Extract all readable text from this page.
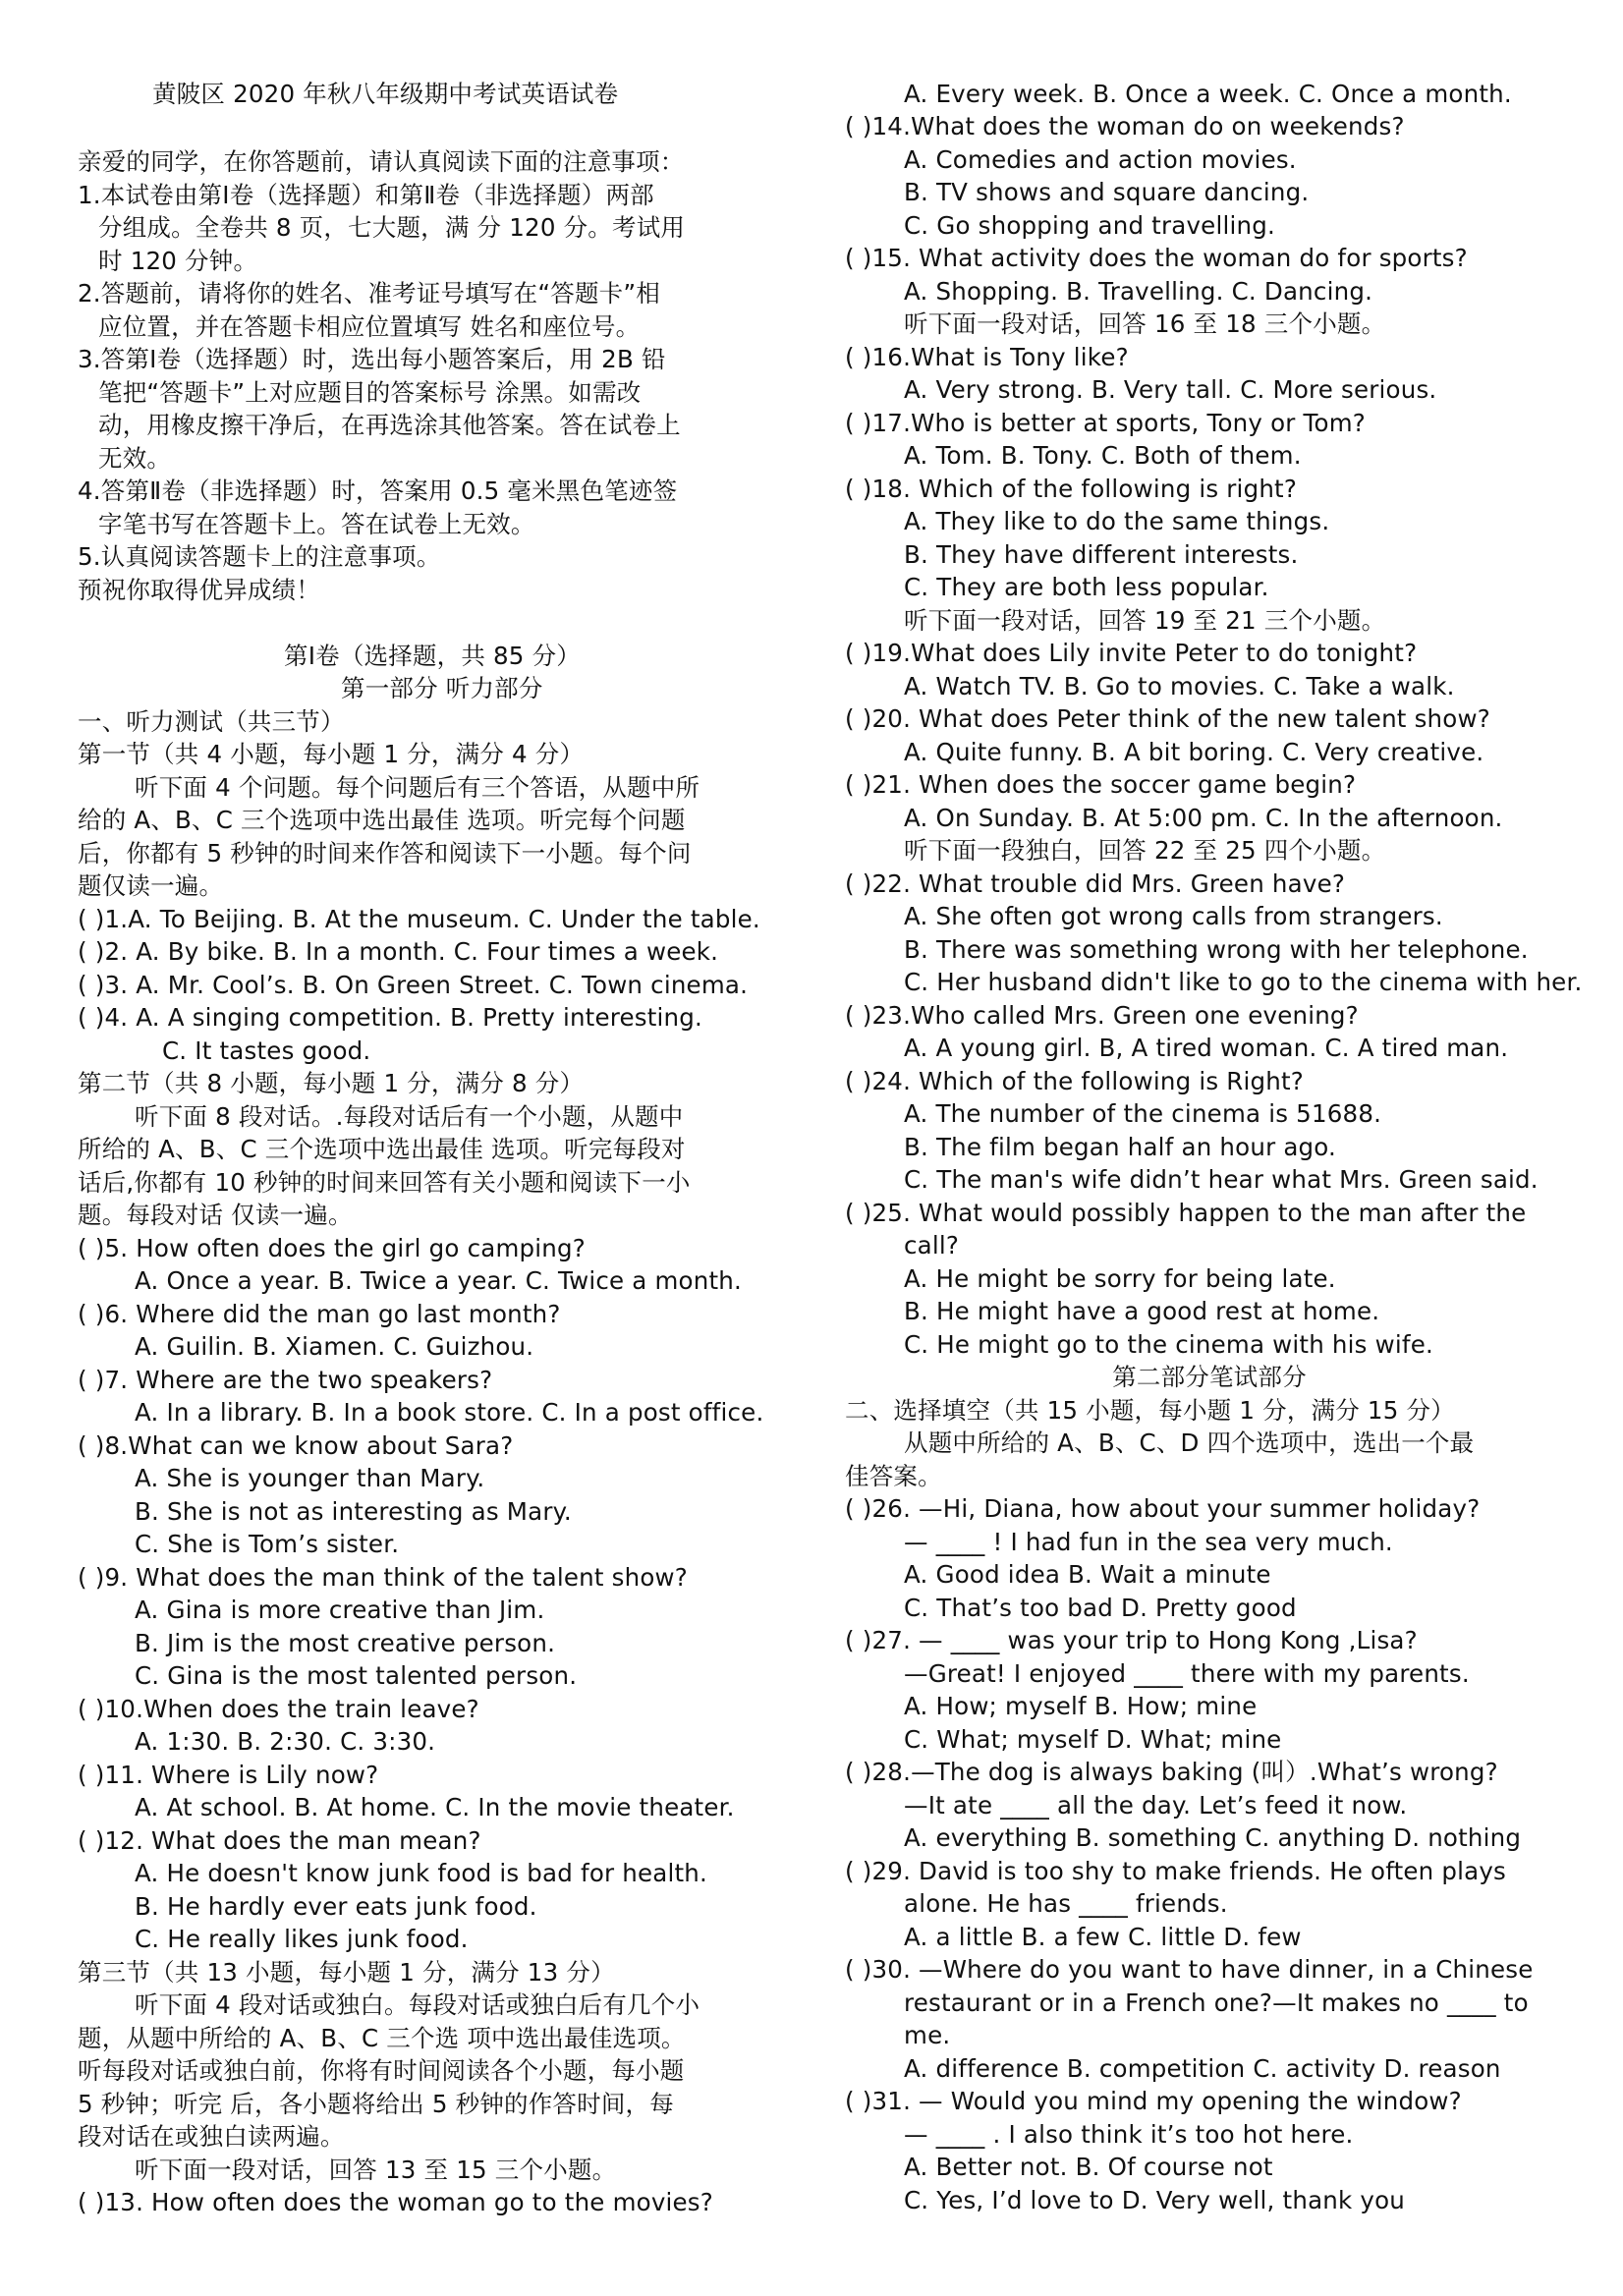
黄陂区 2020 年秋八年级期中考试英语试卷

亲爱的同学，在你答题前，请认真阅读下面的注意事项：

1.本试卷由第Ⅰ卷（选择题）和第Ⅱ卷（非选择题）两部

分组成。全卷共 8 页，七大题，满 分 120 分。考试用

时 120 分钟。

2.答题前，请将你的姓名、准考证号填写在“答题卡”相

应位置，并在答题卡相应位置填写 姓名和座位号。

3.答第Ⅰ卷（选择题）时，选出每小题答案后，用 2B 铅

笔把“答题卡”上对应题目的答案标号 涂黑。如需改

动，用橡皮擦干净后，在再选涂其他答案。答在试卷上

无效。

4.答第Ⅱ卷（非选择题）时，答案用 0.5 毫米黑色笔迹签

字笔书写在答题卡上。答在试卷上无效。

5.认真阅读答题卡上的注意事项。

预祝你取得优异成绩！

第Ⅰ卷（选择题，共 85 分）

第一部分 听力部分

一、听力测试（共三节）

第一节（共 4 小题，每小题 1 分，满分 4 分）

听下面 4 个问题。每个问题后有三个答语，从题中所

给的 A、B、C 三个选项中选出最佳 选项。听完每个问题

后，你都有 5 秒钟的时间来作答和阅读下一小题。每个问

题仅读一遍。

( )1.A. To Beijing. B. At the museum. C. Under the table.

( )2. A. By bike. B. In a month. C. Four times a week.

( )3. A. Mr. Cool’s. B. On Green Street. C. Town cinema.

( )4. A. A singing competition. B. Pretty interesting.

C. It tastes good.

第二节（共 8 小题，每小题 1 分，满分 8 分）

听下面 8 段对话。.每段对话后有一个小题，从题中

所给的 A、B、C 三个选项中选出最佳 选项。听完每段对

话后,你都有 10 秒钟的时间来回答有关小题和阅读下一小

题。每段对话 仅读一遍。

( )5. How often does the girl go camping?

A. Once a year. B. Twice a year. C. Twice a month.

( )6. Where did the man go last month?

A. Guilin. B. Xiamen. C. Guizhou.

( )7. Where are the two speakers?

A. In a library. B. In a book store. C. In a post office.

( )8.What can we know about Sara?

A. She is younger than Mary.

B. She is not as interesting as Mary.

C. She is Tom’s sister.

( )9. What does the man think of the talent show?

A. Gina is more creative than Jim.

B. Jim is the most creative person.

C. Gina is the most talented person.

( )10.When does the train leave?

A. 1:30. B. 2:30. C. 3:30.

( )11. Where is Lily now?

A. At school. B. At home. C. In the movie theater.

( )12. What does the man mean?

A. He doesn't know junk food is bad for health.

B. He hardly ever eats junk food.

C. He really likes junk food.

第三节（共 13 小题，每小题 1 分，满分 13 分）

听下面 4 段对话或独白。每段对话或独白后有几个小

题，从题中所给的 A、B、C 三个选 项中选出最佳选项。

听每段对话或独白前，你将有时间阅读各个小题，每小题

5 秒钟；听完 后，各小题将给出 5 秒钟的作答时间，每

段对话在或独白读两遍。

听下面一段对话，回答 13 至 15 三个小题。

( )13. How often does the woman go to the movies?

A. Every week. B. Once a week. C. Once a month.

( )14.What does the woman do on weekends?

A. Comedies and action movies.

B. TV shows and square dancing.

C. Go shopping and travelling.

( )15. What activity does the woman do for sports?

A. Shopping. B. Travelling. C. Dancing.

听下面一段对话，回答 16 至 18 三个小题。

( )16.What is Tony like?

A. Very strong. B. Very tall. C. More serious.

( )17.Who is better at sports, Tony or Tom?

A. Tom. B. Tony. C. Both of them.

( )18. Which of the following is right?

A. They like to do the same things.

B. They have different interests.

C. They are both less popular.

听下面一段对话，回答 19 至 21 三个小题。

( )19.What does Lily invite Peter to do tonight?

A. Watch TV. B. Go to movies. C. Take a walk.

( )20. What does Peter think of the new talent show?

A. Quite funny. B. A bit boring. C. Very creative.

( )21. When does the soccer game begin?

A. On Sunday. B. At 5:00 pm. C. In the afternoon.

听下面一段独白，回答 22 至 25 四个小题。

( )22. What trouble did Mrs. Green have?

A. She often got wrong calls from strangers.

B. There was something wrong with her telephone.

C. Her husband didn't like to go to the cinema with her.

( )23.Who called Mrs. Green one evening?

A. A young girl. B, A tired woman. C. A tired man.

( )24. Which of the following is Right?

A. The number of the cinema is 51688.

B. The film began half an hour ago.

C. The man's wife didn’t hear what Mrs. Green said.

( )25. What would possibly happen to the man after the

call?

A. He might be sorry for being late.

B. He might have a good rest at home.

C. He might go to the cinema with his wife.

第二部分笔试部分

二、选择填空（共 15 小题，每小题 1 分，满分 15 分）

从题中所给的 A、B、C、D 四个选项中，选出一个最

佳答案。

( )26. —Hi, Diana, how about your summer holiday?

— ____ ! I had fun in the sea very much.

A. Good idea B. Wait a minute

C. That’s too bad D. Pretty good

( )27. — ____ was your trip to Hong Kong ,Lisa?

—Great! I enjoyed ____ there with my parents.

A. How; myself B. How; mine

C. What; myself D. What; mine

( )28.—The dog is always baking (叫）.What’s wrong?

—It ate ____ all the day. Let’s feed it now.

A. everything B. something C. anything D. nothing

( )29. David is too shy to make friends. He often plays

alone. He has ____ friends.

A. a little B. a few C. little D. few

( )30. —Where do you want to have dinner, in a Chinese

restaurant or in a French one?—It makes no ____ to

me.

A. difference B. competition C. activity D. reason

( )31. — Would you mind my opening the window?

— ____ . I also think it’s too hot here.

A. Better not. B. Of course not

C. Yes, I’d love to D. Very well, thank you
